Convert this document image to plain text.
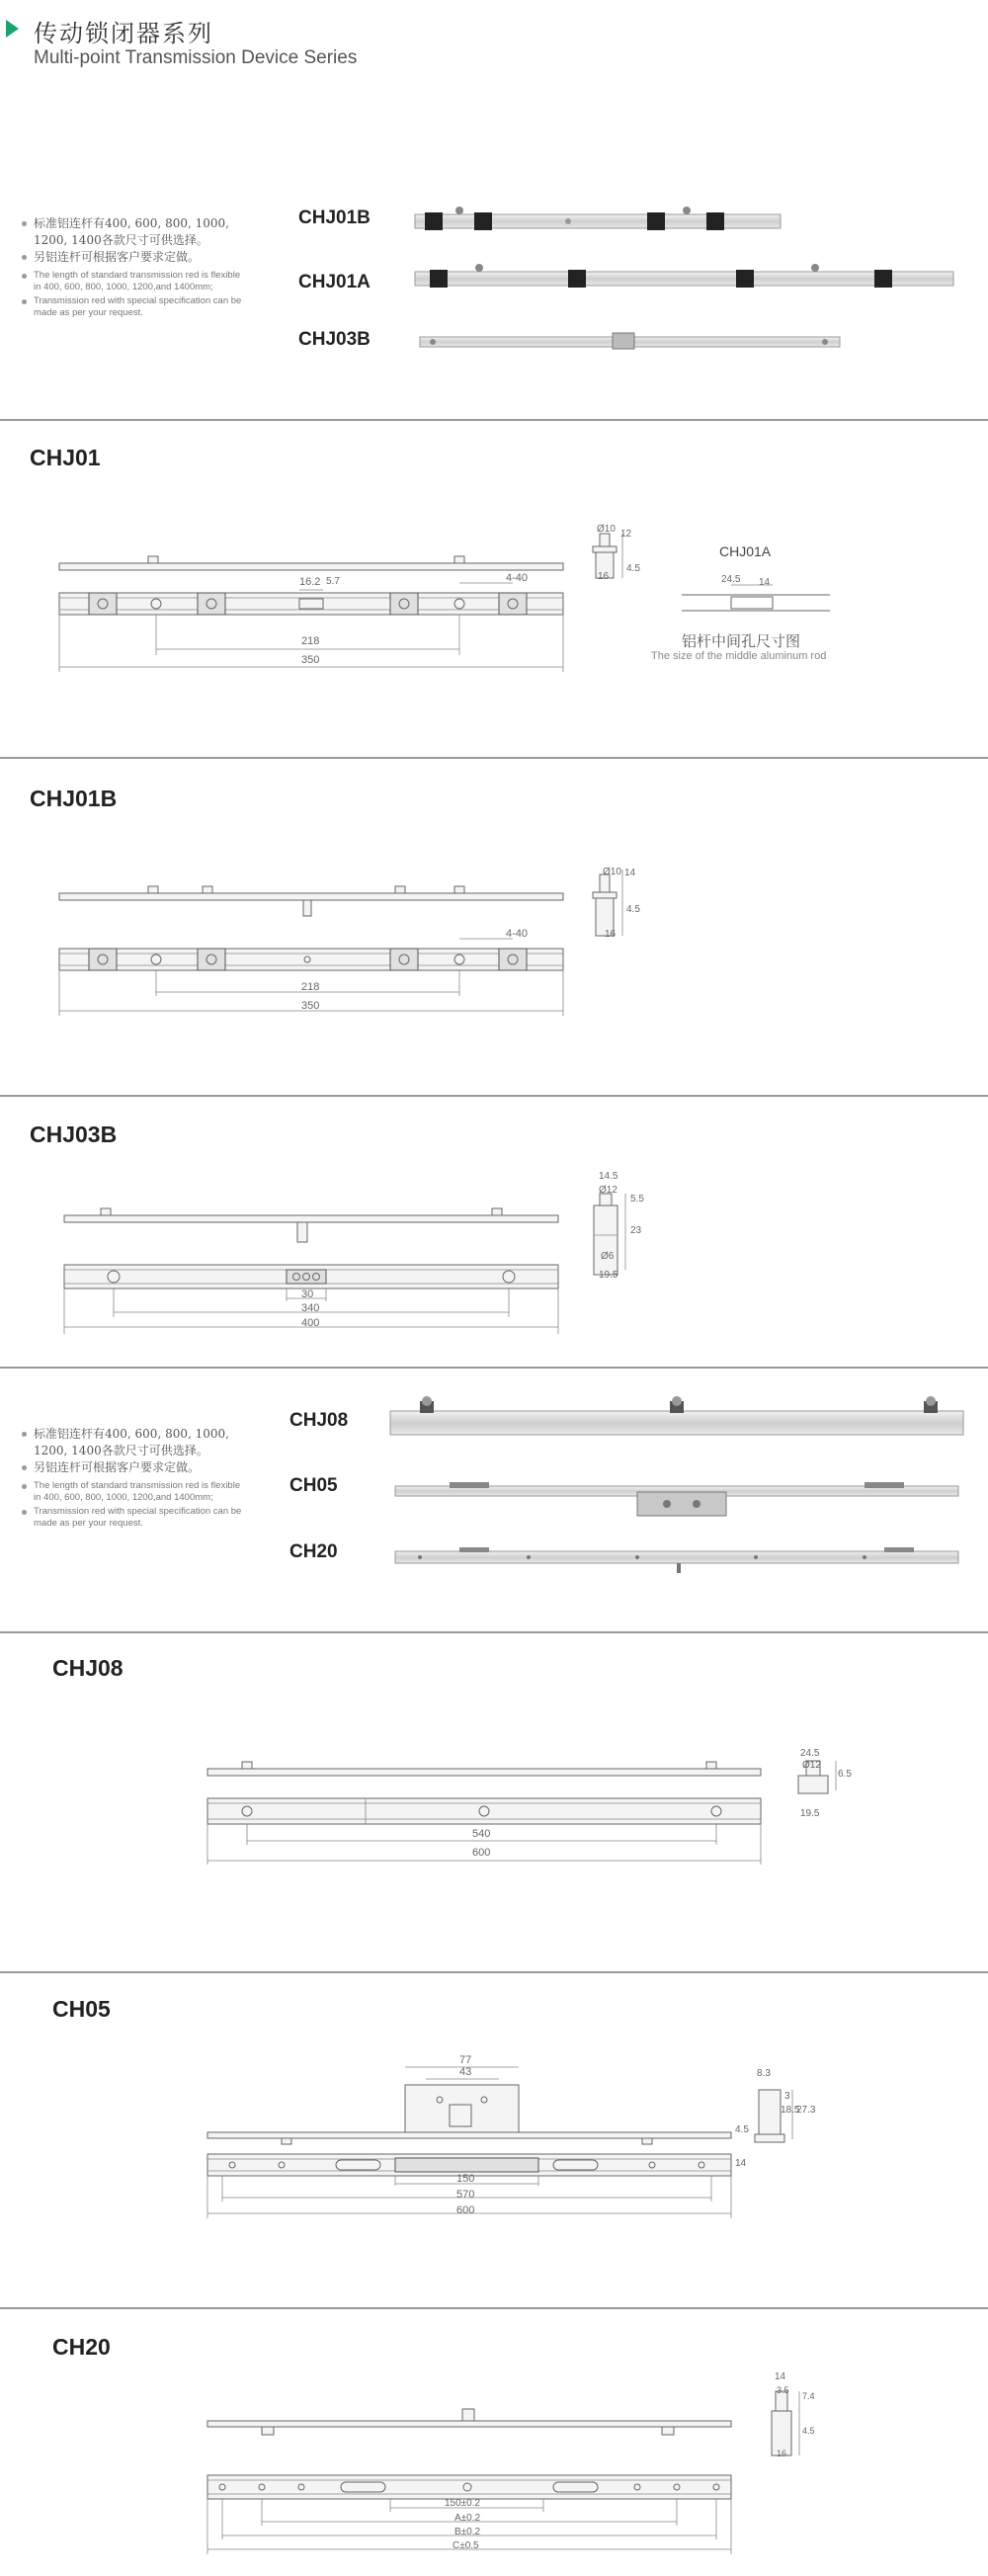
传动锁闭器系列
Multi-point Transmission Device Series
标准铝连杆有400, 600, 800, 1000, 1200, 1400各款尺寸可供选择。
另铝连杆可根据客户要求定做。
The length of standard transmission red is flexible in 400, 600, 800, 1000, 1200,and 1400mm;
Transmission red with special specification can be made as per your request.
CHJ01B
CHJ01A
CHJ03B
CHJ01
16.2 5.7	4-40
218
350
Ø10 12
4.5
16
CHJ01A
24.5 14
铝杆中间孔尺寸图
The size of the middle aluminum rod
CHJ01B
4-40
218
350
Ø10 14
4.5
16
CHJ03B
30
340
400
14.5
Ø12
5.5
23
Ø6
19.5
标准铝连杆有400, 600, 800, 1000, 1200, 1400各款尺寸可供选择。
另铝连杆可根据客户要求定做。
The length of standard transmission red is flexible in 400, 600, 800, 1000, 1200,and 1400mm;
Transmission red with special specification can be made as per your request.
CHJ08
CH05
CH20
CHJ08
540
600
24.5
Ø12
6.5
19.5
CH05
77
43
4.5
14
150
570
600
8.3
3
18.5
27.3
CH20
150±0.2
A±0.2
B±0.2
C±0.5
14
3.5
7.4
4.5
16
